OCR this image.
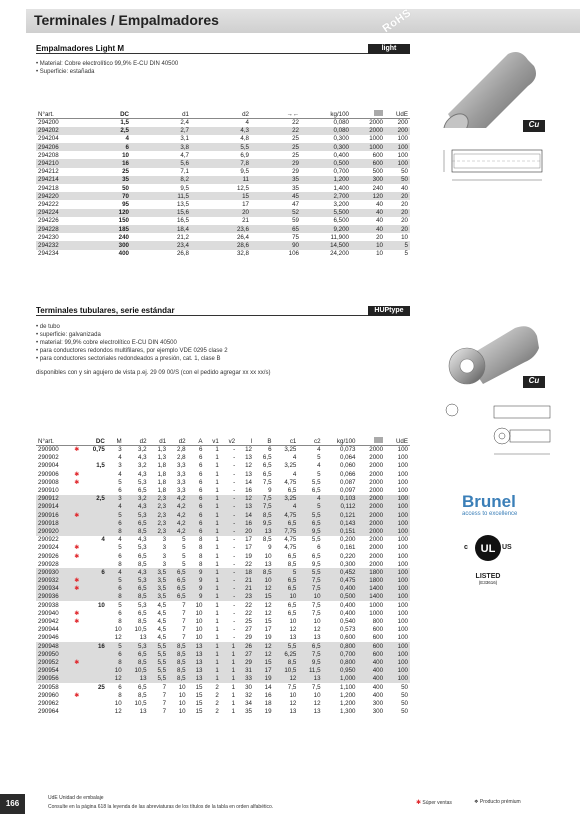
Terminales / Empalmadores	RoHS
Empalmadores Light M	light
• Material: Cobre electrolítico 99,9% E-CU DIN 40500
• Superficie: estañada
N°art.	DC	d1	d2	→←	kg/100		UdE
294200	1,5	2,4	4	22	0,080	2000	200
294202	2,5	2,7	4,3	22	0,080	2000	200
294204	4	3,1	4,8	25	0,300	1000	100
294206	6	3,8	5,5	25	0,300	1000	100
294208	10	4,7	6,9	25	0,400	600	100
294210	16	5,6	7,8	29	0,500	600	100
294212	25	7,1	9,5	29	0,700	500	50
294214	35	8,2	11	35	1,200	300	50
294218	50	9,5	12,5	35	1,400	240	40
294220	70	11,5	15	45	2,700	120	20
294222	95	13,5	17	47	3,200	40	20
294224	120	15,6	20	52	5,500	40	20
294226	150	16,5	21	59	6,500	40	20
294228	185	18,4	23,6	65	9,200	40	20
294230	240	21,2	26,4	75	11,900	20	10
294232	300	23,4	28,6	90	14,500	10	5
294234	400	26,8	32,8	106	24,200	10	5
Cu
Terminales tubulares, serie estándar	HUPtype
• de tubo
• superficie: galvanizada
• material: 99,9% cobre electrolítico E-CU DIN 40500
• para conductores redondos multifilares, por ejemplo VDE 0295 clase 2
• para conductores sectoriales redondeados a presión, cat. 1, clase B
disponibles con y sin agujero de vista p.ej. 29 09 00/S (con el pedido agregar xx xx xx/s)
N°art.		DC	M	d2	d1	d2	A	v1	v2	l	B	c1	c2	kg/100		UdE
290900	✱	0,75	3	3,2	1,3	2,8	6	1	-	12	6	3,25	4	0,073	2000	100
290902			4	4,3	1,3	2,8	6	1	-	13	6,5	4	5	0,064	2000	100
290904		1,5	3	3,2	1,8	3,3	6	1	-	12	6,5	3,25	4	0,060	2000	100
290906	✱		4	4,3	1,8	3,3	6	1	-	13	6,5	4	5	0,066	2000	100
290908	✱		5	5,3	1,8	3,3	6	1	-	14	7,5	4,75	5,5	0,087	2000	100
290910			6	6,5	1,8	3,3	6	1	-	16	9	6,5	6,5	0,097	2000	100
290912		2,5	3	3,2	2,3	4,2	6	1	-	12	7,5	3,25	4	0,103	2000	100
290914			4	4,3	2,3	4,2	6	1	-	13	7,5	4	5	0,112	2000	100
290916	✱		5	5,3	2,3	4,2	6	1	-	14	8,5	4,75	5,5	0,121	2000	100
290918			6	6,5	2,3	4,2	6	1	-	16	9,5	6,5	6,5	0,143	2000	100
290920			8	8,5	2,3	4,2	6	1	-	20	13	7,75	9,5	0,151	2000	100
290922		4	4	4,3	3	5	8	1	-	17	8,5	4,75	5,5	0,200	2000	100
290924	✱		5	5,3	3	5	8	1	-	17	9	4,75	6	0,161	2000	100
290926	✱		6	6,5	3	5	8	1	-	19	10	6,5	6,5	0,220	2000	100
290928			8	8,5	3	5	8	1	-	22	13	8,5	9,5	0,300	2000	100
290930		6	4	4,3	3,5	6,5	9	1	-	18	8,5	5	5,5	0,452	1800	100
290932	✱		5	5,3	3,5	6,5	9	1	-	21	10	6,5	7,5	0,475	1800	100
290934	✱		6	6,5	3,5	6,5	9	1	-	21	12	6,5	7,5	0,400	1400	100
290936			8	8,5	3,5	6,5	9	1	-	23	15	10	10	0,500	1400	100
290938		10	5	5,3	4,5	7	10	1	-	22	12	6,5	7,5	0,400	1000	100
290940	✱		6	6,5	4,5	7	10	1	-	22	12	6,5	7,5	0,400	1000	100
290942	✱		8	8,5	4,5	7	10	1	-	25	15	10	10	0,540	800	100
290944			10	10,5	4,5	7	10	1	-	27	17	12	12	0,573	600	100
290946			12	13	4,5	7	10	1	-	29	19	13	13	0,600	600	100
290948		16	5	5,3	5,5	8,5	13	1	1	26	12	5,5	6,5	0,800	600	100
290950			6	6,5	5,5	8,5	13	1	1	27	12	6,25	7,5	0,700	600	100
290952	✱		8	8,5	5,5	8,5	13	1	1	29	15	8,5	9,5	0,800	400	100
290954			10	10,5	5,5	8,5	13	1	1	31	17	10,5	11,5	0,950	400	100
290956			12	13	5,5	8,5	13	1	1	33	19	12	13	1,000	400	100
290958		25	6	6,5	7	10	15	2	1	30	14	7,5	7,5	1,100	400	50
290960	✱		8	8,5	7	10	15	2	1	32	16	10	10	1,200	400	50
290962			10	10,5	7	10	15	2	1	34	18	12	12	1,200	300	50
290964			12	13	7	10	15	2	1	35	19	13	13	1,300	300	50
Cu
Brunel
access to excellence
UL
c	US
LISTED
(E33616)
166
UdE Unidad de embalaje
Consulte en la página 618 la leyenda de las abreviaturas de los títulos de la tabla en orden alfabético.
✱ Súper ventas	❖ Producto prémium
